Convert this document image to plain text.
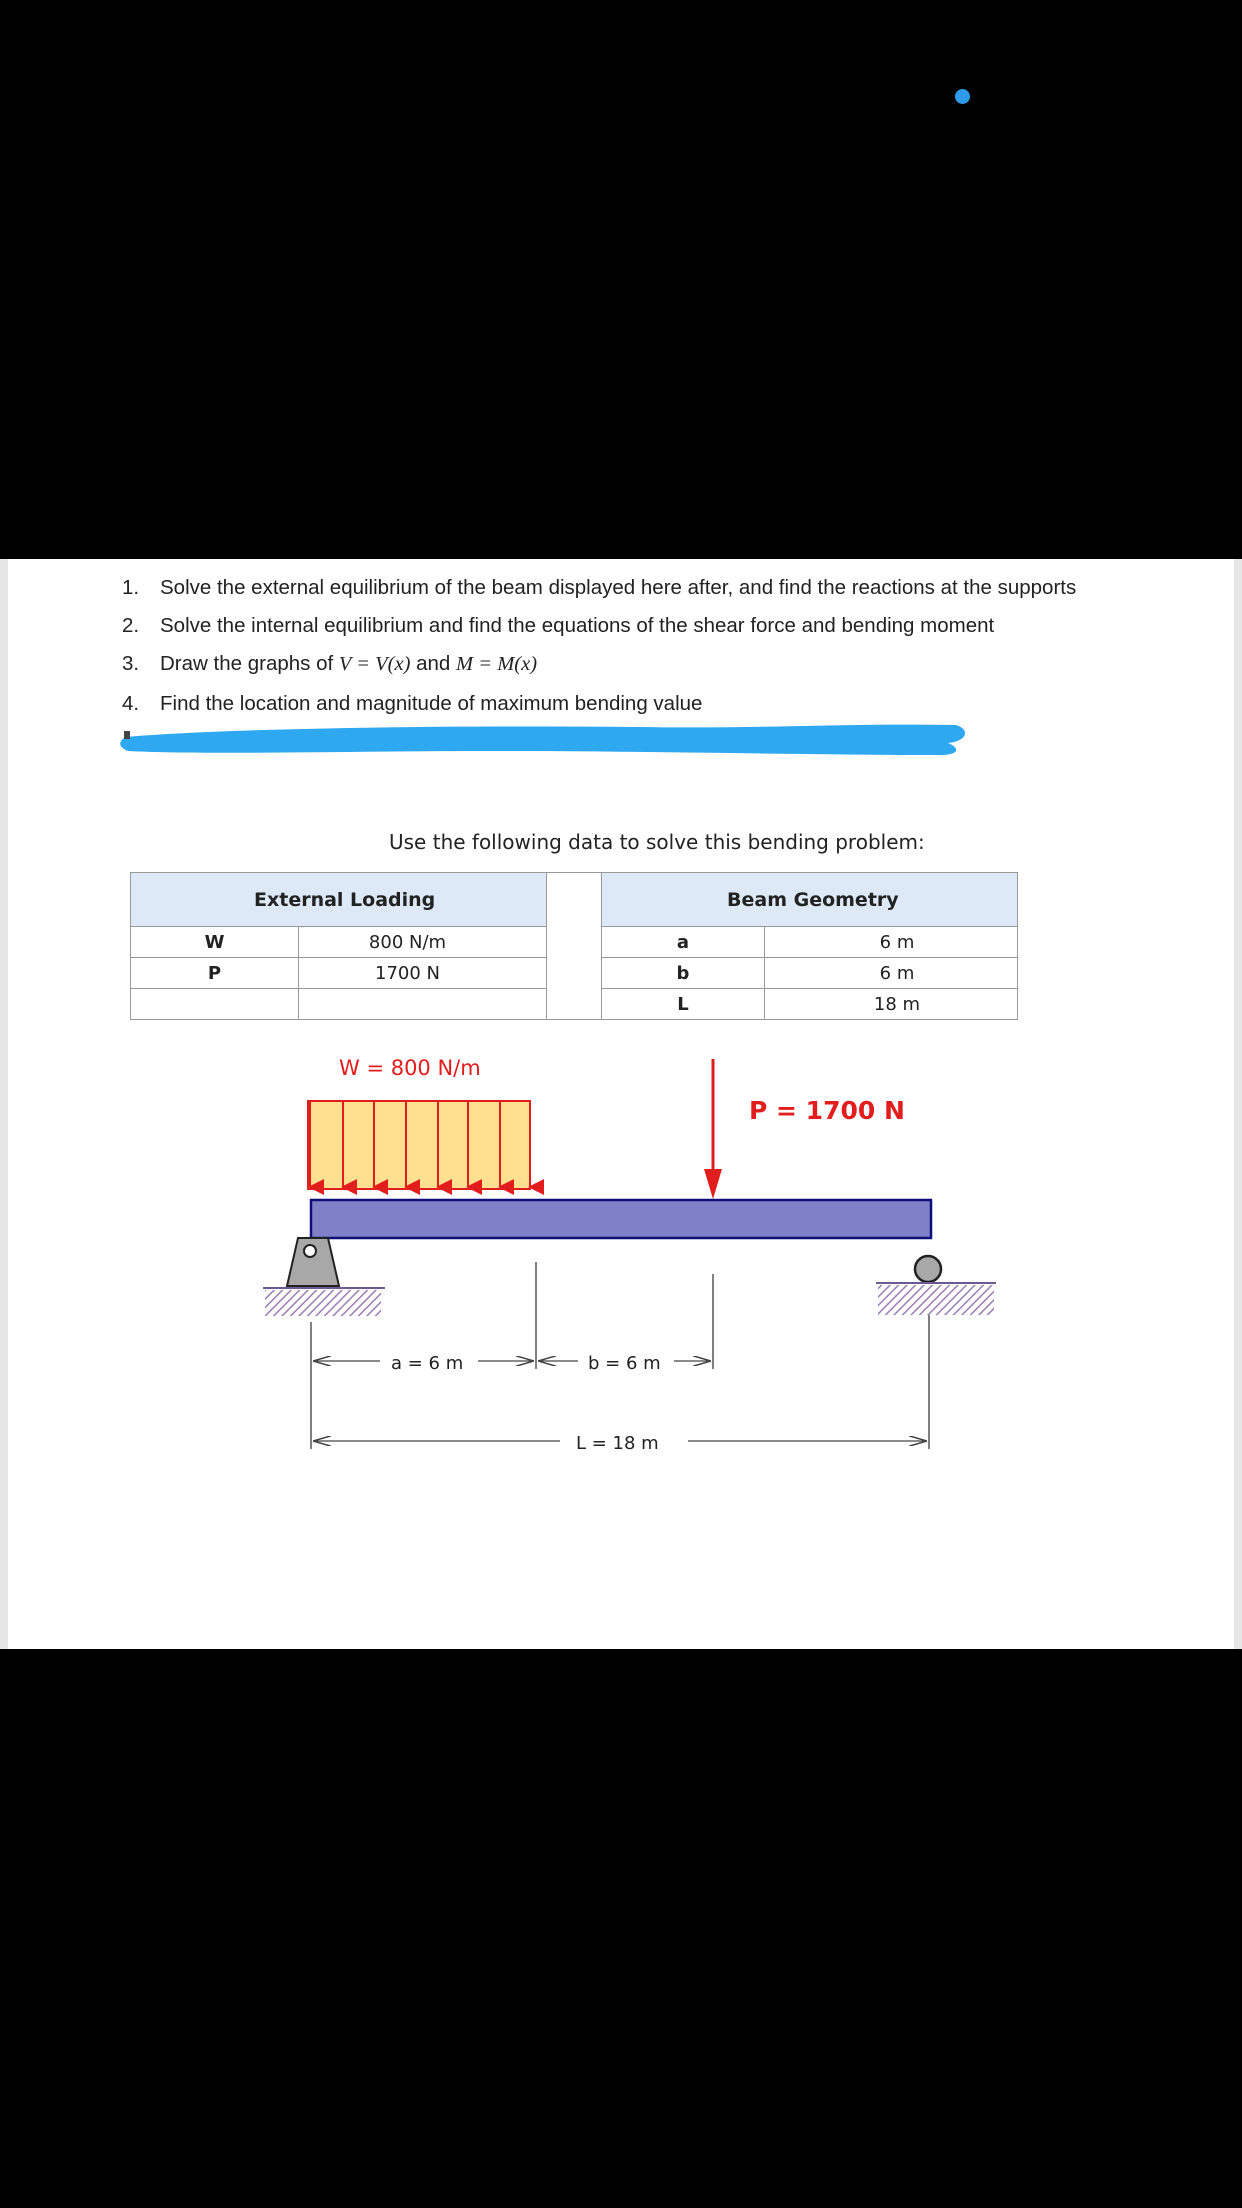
1. Solve the external equilibrium of the beam displayed here after, and find the reactions at the supports
2. Solve the internal equilibrium and find the equations of the shear force and bending moment
3. Draw the graphs of V = V(x) and M = M(x)
4. Find the location and magnitude of maximum bending value
Use the following data to solve this bending problem:
External Loading			Beam Geometry	
W	800 N/m		a	6 m
P	1700 N		b	6 m
			L	18 m
W = 800 N/m
P = 1700 N
a = 6 m	b = 6 m
L = 18 m
